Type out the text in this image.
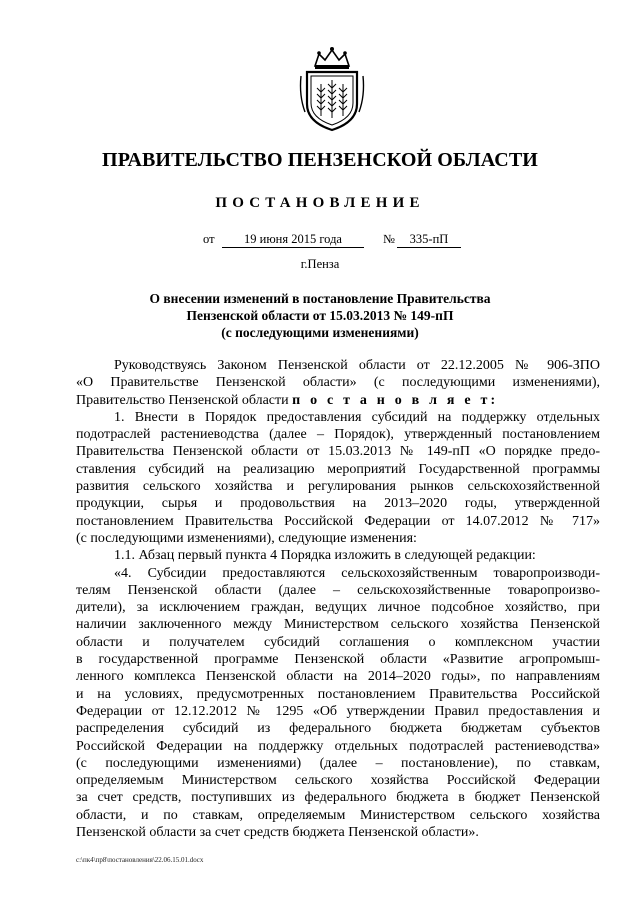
ПРАВИТЕЛЬСТВО ПЕНЗЕНСКОЙ ОБЛАСТИ
ПОСТАНОВЛЕНИЕ
от	19 июня 2015 года	№	335-пП
г.Пенза
О внесении изменений в постановление Правительства
Пензенской области от 15.03.2013 № 149-пП
(с последующими изменениями)

Руководствуясь Законом Пензенской области от 22.12.2005 № 906-ЗПО
«О Правительстве Пензенской области» (с последующими изменениями),
Правительство Пензенской области п о с т а н о в л я е т:

1. Внести в Порядок предоставления субсидий на поддержку отдельных
подотраслей растениеводства (далее – Порядок), утвержденный постановлением
Правительства Пензенской области от 15.03.2013 № 149-пП «О порядке предо-
ставления субсидий на реализацию мероприятий Государственной программы
развития сельского хозяйства и регулирования рынков сельскохозяйственной
продукции, сырья и продовольствия на 2013–2020 годы, утвержденной
постановлением Правительства Российской Федерации от 14.07.2012 № 717»
(с последующими изменениями), следующие изменения:

1.1. Абзац первый пункта 4 Порядка изложить в следующей редакции:

«4. Субсидии предоставляются сельскохозяйственным товаропроизводи-
телям Пензенской области (далее – сельскохозяйственные товаропроизво-
дители), за исключением граждан, ведущих личное подсобное хозяйство, при
наличии заключенного между Министерством сельского хозяйства Пензенской
области и получателем субсидий соглашения о комплексном участии
в государственной программе Пензенской области «Развитие агропромыш-
ленного комплекса Пензенской области на 2014–2020 годы», по направлениям
и на условиях, предусмотренных постановлением Правительства Российской
Федерации от 12.12.2012 № 1295 «Об утверждении Правил предоставления и
распределения субсидий из федерального бюджета бюджетам субъектов
Российской Федерации на поддержку отдельных подотраслей растениеводства»
(с последующими изменениями) (далее – постановление), по ставкам,
определяемым Министерством сельского хозяйства Российской Федерации
за счет средств, поступивших из федерального бюджета в бюджет Пензенской
области, и по ставкам, определяемым Министерством сельского хозяйства
Пензенской области за счет средств бюджета Пензенской области».

c:\пк4\пр8\постановления\22.06.15.01.docx
